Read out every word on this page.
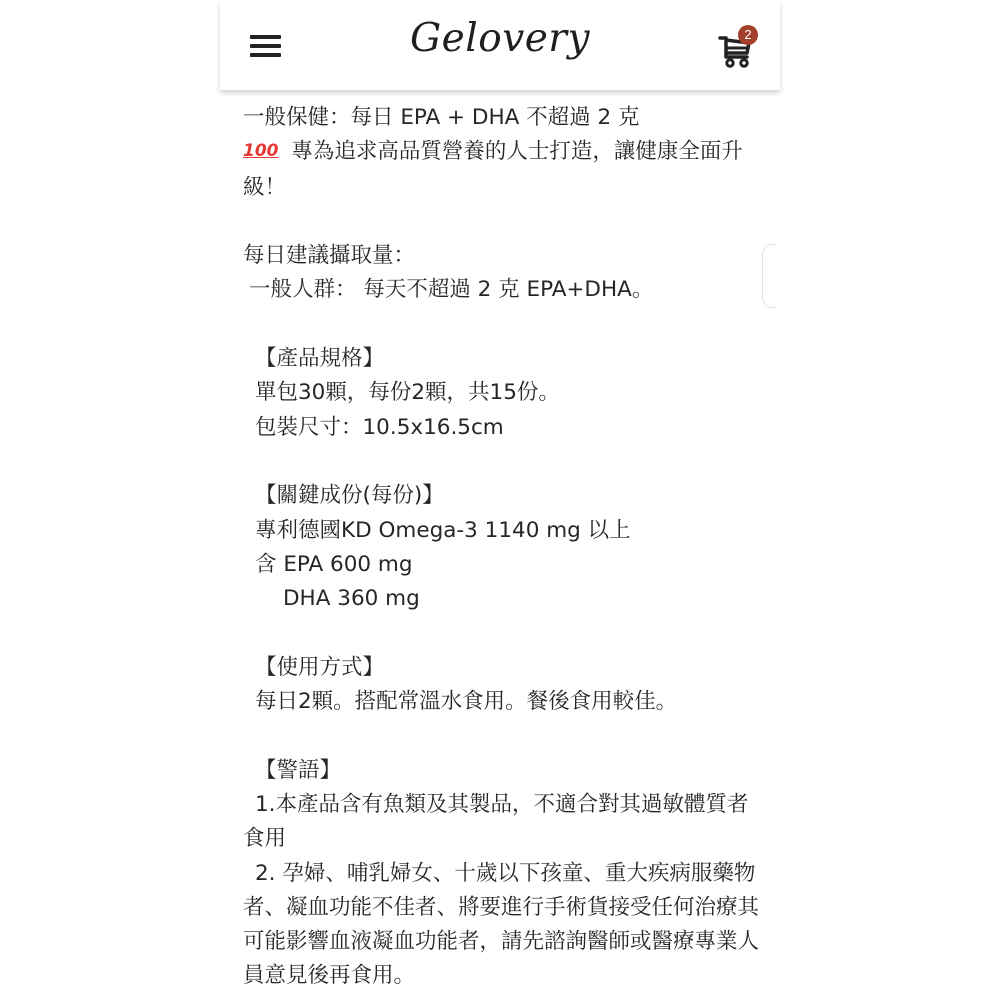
Gelovery	2
一般保健：每日 EPA + DHA 不超過 2 克
100 專為追求高品質營養的人士打造，讓健康全面升級！
每日建議攝取量：
一般人群： 每天不超過 2 克 EPA+DHA。
【產品規格】
單包30顆，每份2顆，共15份。
包裝尺寸：10.5x16.5cm
【關鍵成份(每份)】
專利德國KD Omega-3 1140 mg 以上
含 EPA 600 mg
DHA 360 mg
【使用方式】
每日2顆。搭配常溫水食用。餐後食用較佳。
【警語】
1.本產品含有魚類及其製品，不適合對其過敏體質者食用
2. 孕婦、哺乳婦女、十歲以下孩童、重大疾病服藥物者、凝血功能不佳者、將要進行手術貨接受任何治療其可能影響血液凝血功能者，請先諮詢醫師或醫療專業人員意見後再食用。
